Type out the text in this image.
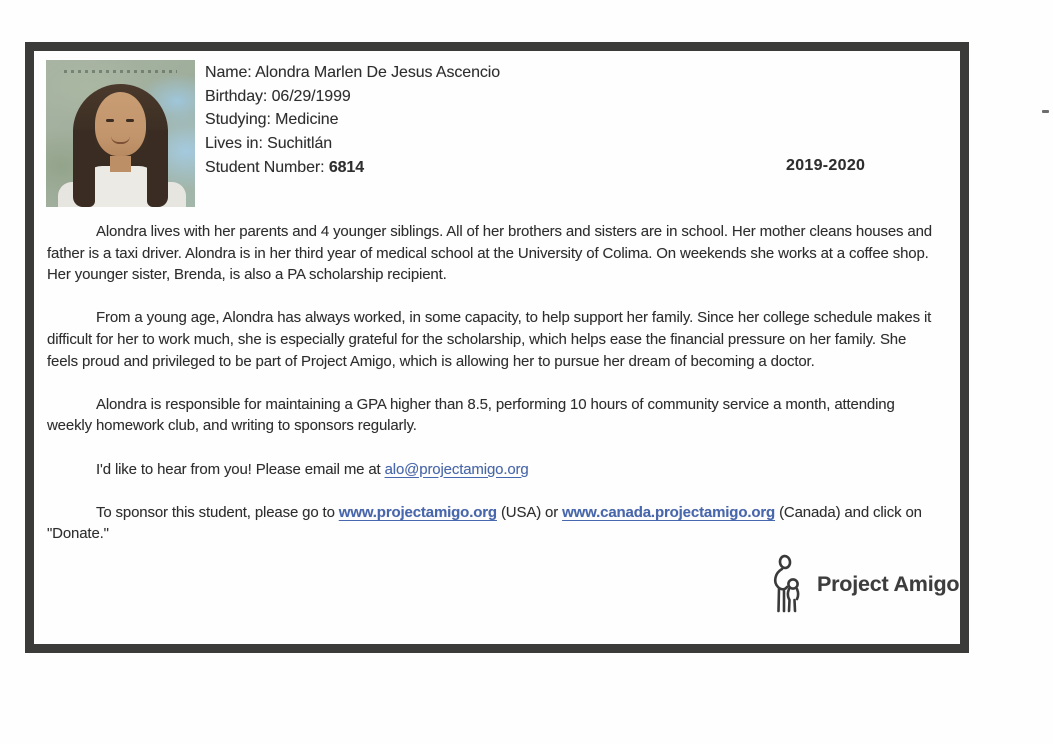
Name: Alondra Marlen De Jesus Ascencio
Birthday: 06/29/1999
Studying: Medicine
Lives in: Suchitlán
Student Number: 6814	2019-2020

Alondra lives with her parents and 4 younger siblings. All of her brothers and sisters are in school. Her mother cleans houses and father is a taxi driver. Alondra is in her third year of medical school at the University of Colima. On weekends she works at a coffee shop. Her younger sister, Brenda, is also a PA scholarship recipient.

From a young age, Alondra has always worked, in some capacity, to help support her family. Since her college schedule makes it difficult for her to work much, she is especially grateful for the scholarship, which helps ease the financial pressure on her family. She feels proud and privileged to be part of Project Amigo, which is allowing her to pursue her dream of becoming a doctor.

Alondra is responsible for maintaining a GPA higher than 8.5, performing 10 hours of community service a month, attending weekly homework club, and writing to sponsors regularly.

I'd like to hear from you! Please email me at alo@projectamigo.org

To sponsor this student, please go to www.projectamigo.org (USA) or www.canada.projectamigo.org (Canada) and click on "Donate."

Project Amigo
